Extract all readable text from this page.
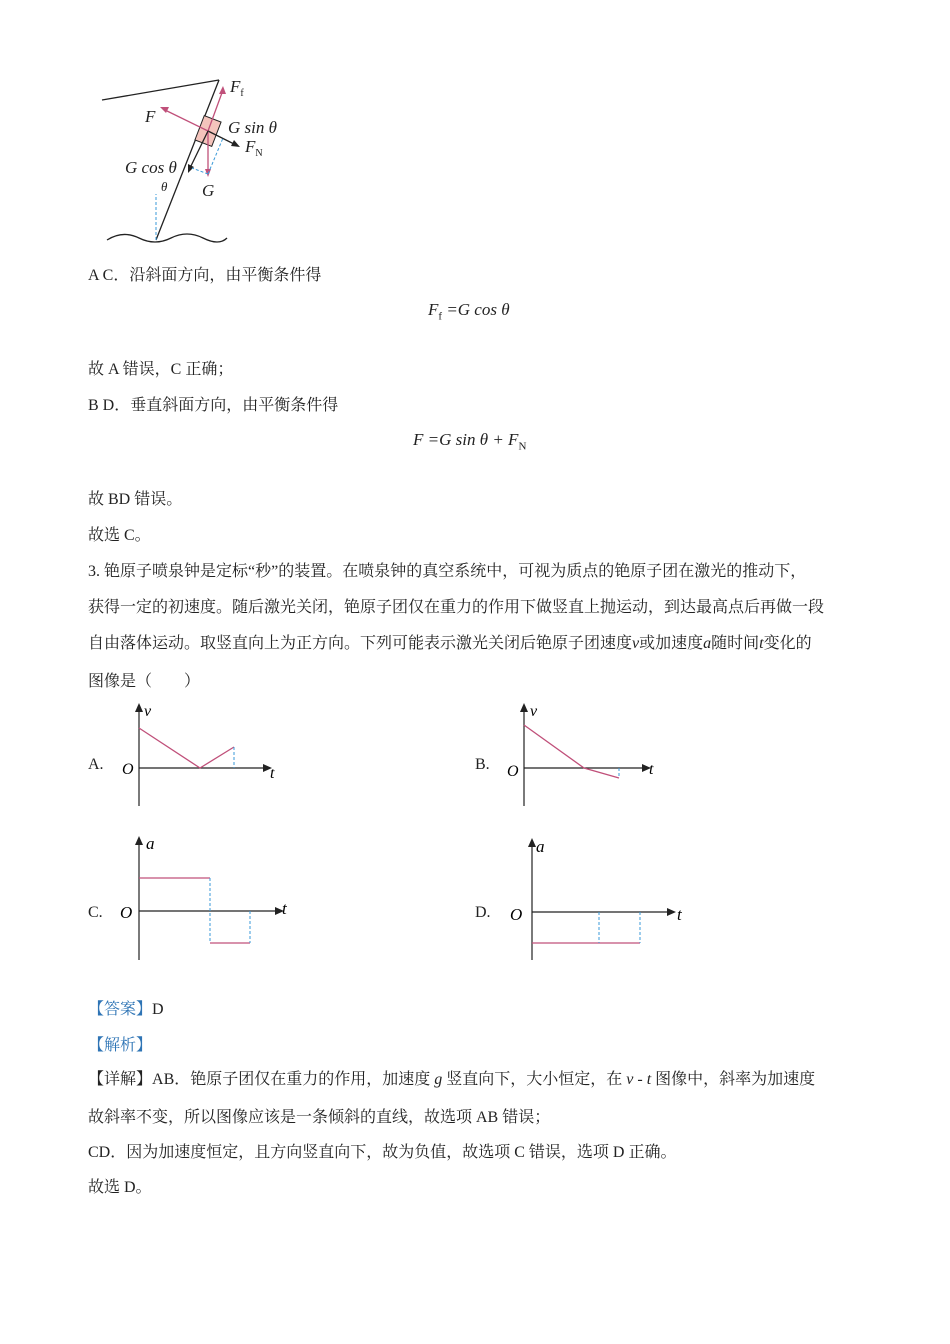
$F_f$
F
G sin θ
$F_N$
G cos θ
θ G
A C．沿斜面方向，由平衡条件得
$F_f =G$ cos θ
故 A 错误，C 正确；
B D．垂直斜面方向，由平衡条件得
F =G $\sin \theta + F_N$
故 BD 错误。
故选 C。
3. 铯原子喷泉钟是定标“秒”的装置。在喷泉钟的真空系统中，可视为质点的铯原子团在激光的推动下，
获得一定的初速度。随后激光关闭，铯原子团仅在重力的作用下做竖直上抛运动，到达最高点后再做一段
自由落体运动。取竖直向上为正方向。下列可能表示激光关闭后铯原子团速度v或加速度a随时间t变化的
图像是（　　）
A.
v
t
O	B.
v
t
O
C.
a
t
O	D.
a
t
O
【答案】D
【解析】
【详解】AB．铯原子团仅在重力的作用，加速度 g 竖直向下，大小恒定，在 v - t 图像中，斜率为加速度
故斜率不变，所以图像应该是一条倾斜的直线，故选项 AB 错误；
CD．因为加速度恒定，且方向竖直向下，故为负值，故选项 C 错误，选项 D 正确。
故选 D。
